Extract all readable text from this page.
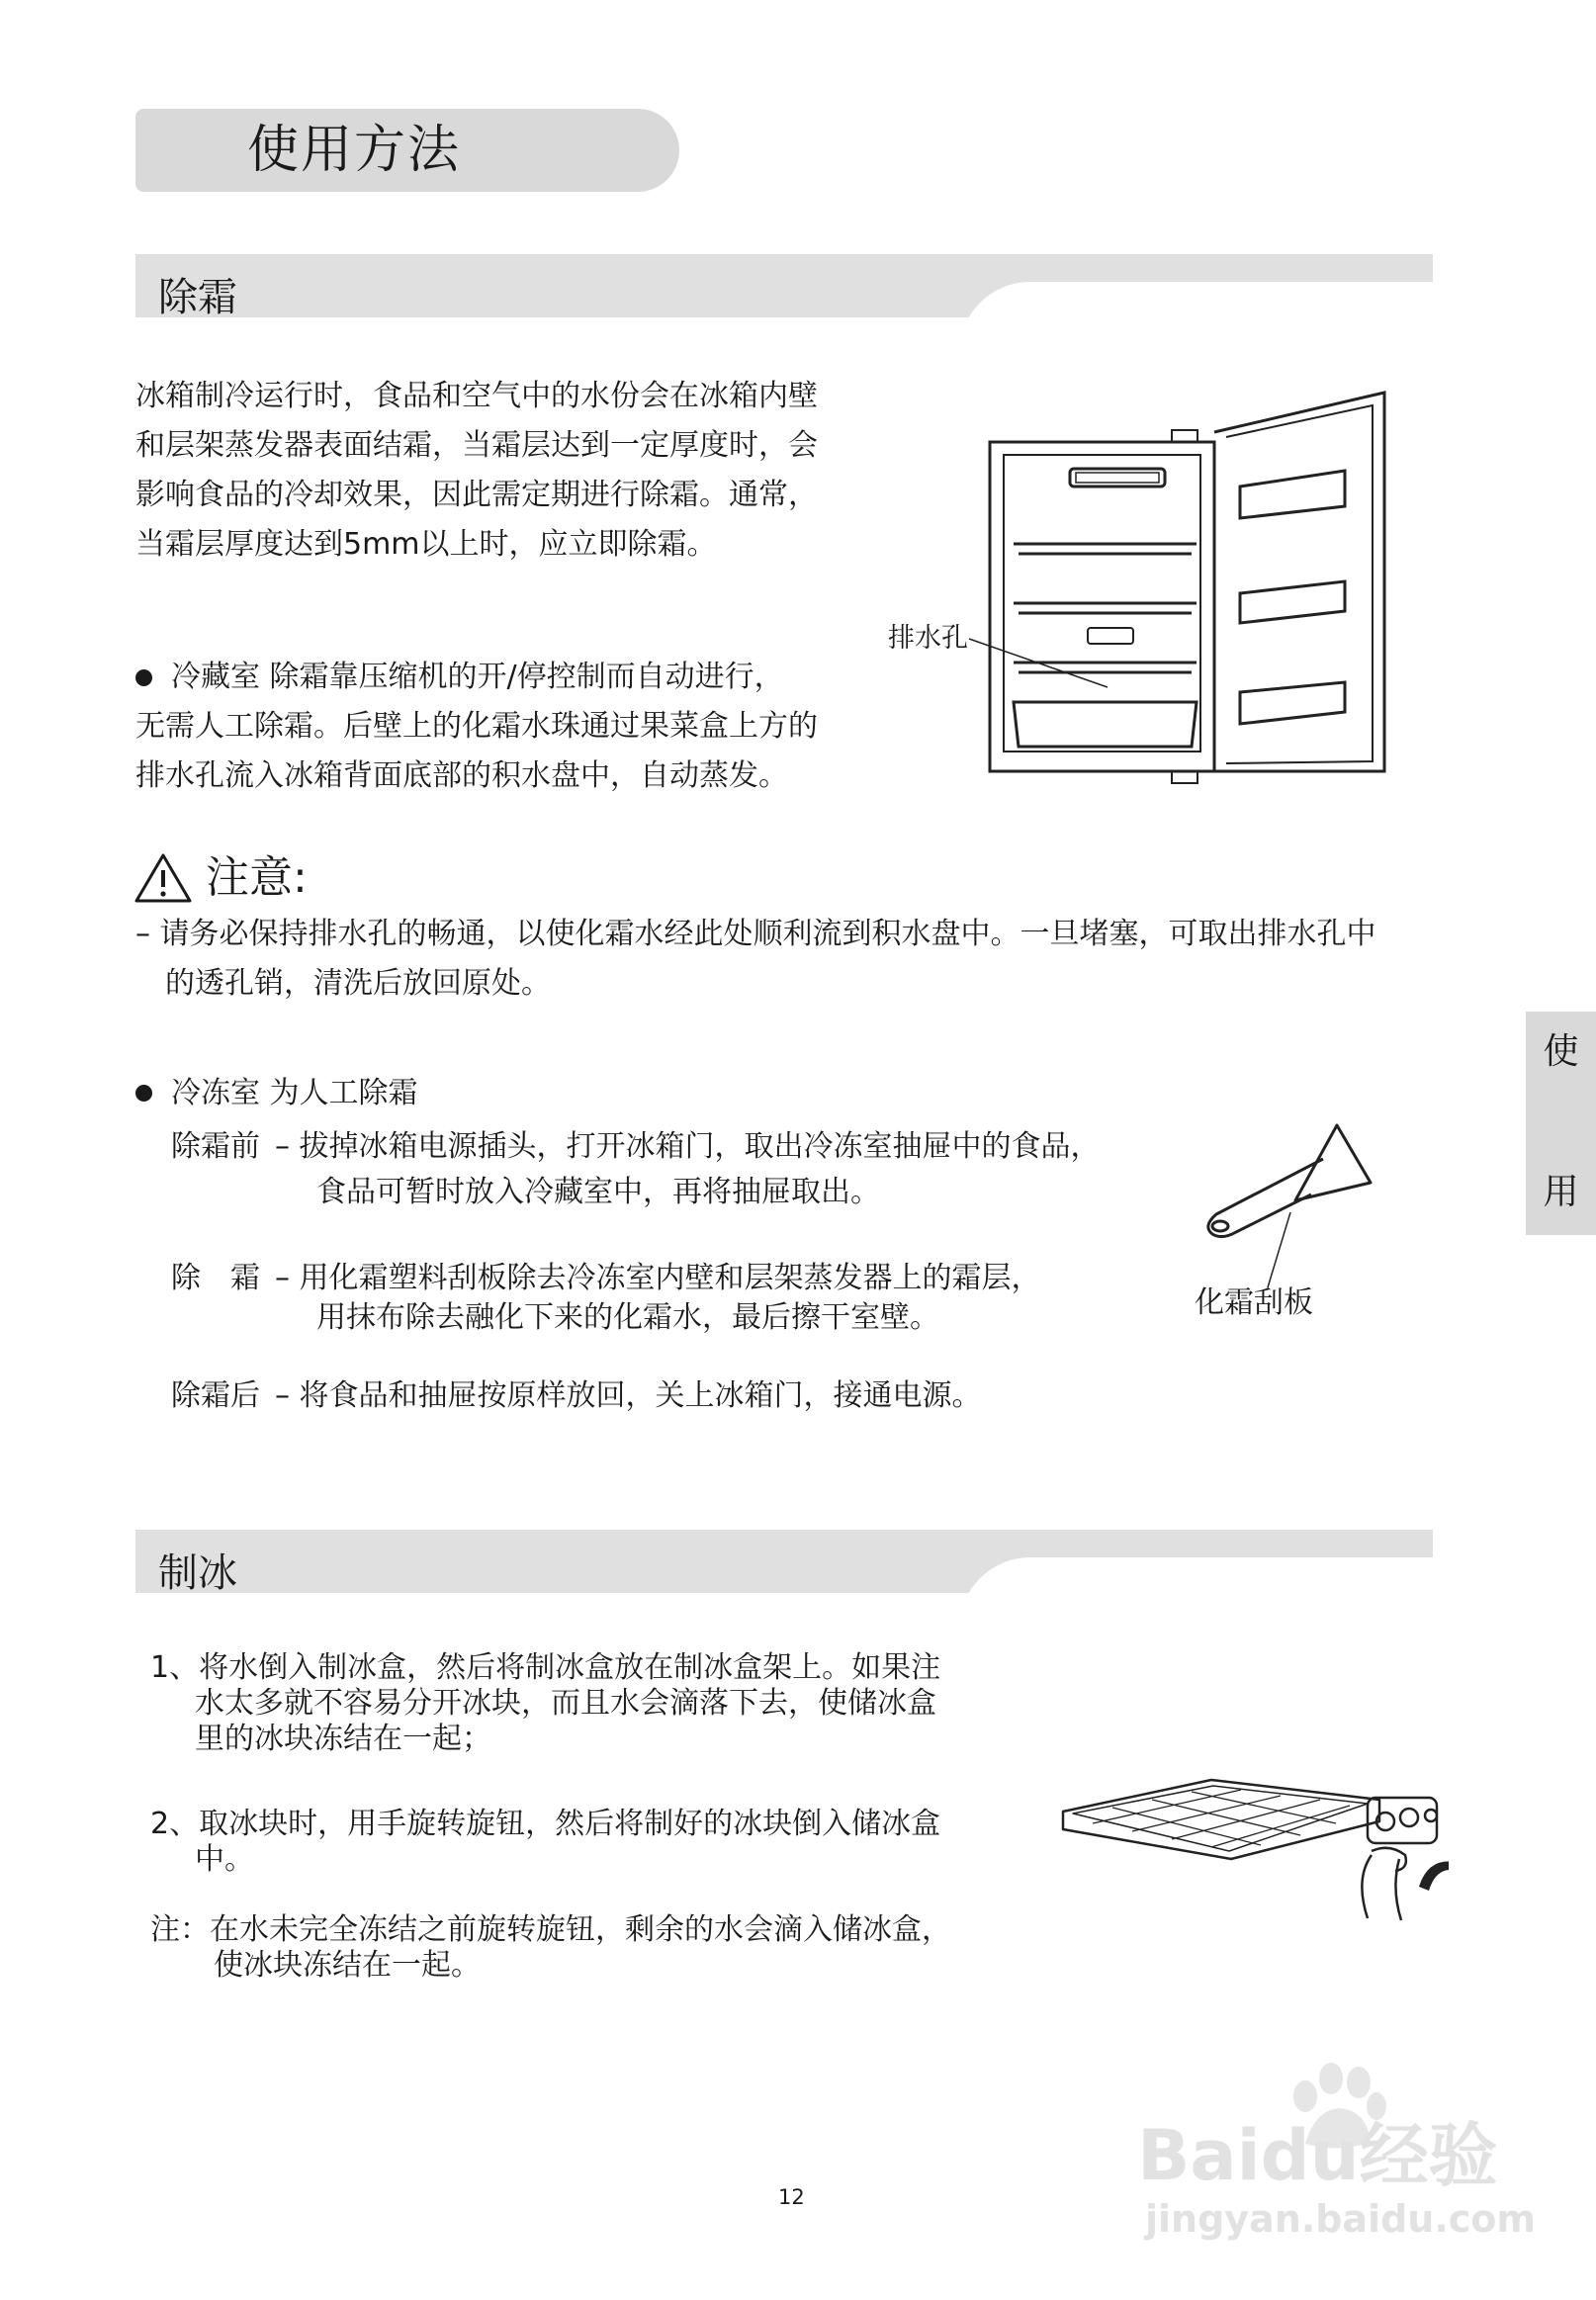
使用方法
除霜
冰箱制冷运行时，食品和空气中的水份会在冰箱内壁
和层架蒸发器表面结霜，当霜层达到一定厚度时，会
影响食品的冷却效果，因此需定期进行除霜。通常，
当霜层厚度达到5mm以上时，应立即除霜。
冷藏室 除霜靠压缩机的开/停控制而自动进行，
无需人工除霜。后壁上的化霜水珠通过果菜盒上方的
排水孔流入冰箱背面底部的积水盘中，自动蒸发。
排水孔
注意:
– 请务必保持排水孔的畅通，以使化霜水经此处顺利流到积水盘中。一旦堵塞，可取出排水孔中
的透孔销，清洗后放回原处。
冷冻室 为人工除霜
除霜前 – 拔掉冰箱电源插头，打开冰箱门，取出冷冻室抽屉中的食品，
食品可暂时放入冷藏室中，再将抽屉取出。
除　霜 – 用化霜塑料刮板除去冷冻室内壁和层架蒸发器上的霜层，
用抹布除去融化下来的化霜水，最后擦干室壁。
除霜后 – 将食品和抽屉按原样放回，关上冰箱门，接通电源。
化霜刮板
使
用
制冰
1、将水倒入制冰盒，然后将制冰盒放在制冰盒架上。如果注
水太多就不容易分开冰块，而且水会滴落下去，使储冰盒
里的冰块冻结在一起；
2、取冰块时，用手旋转旋钮，然后将制好的冰块倒入储冰盒
中。
注：在水未完全冻结之前旋转旋钮，剩余的水会滴入储冰盒，
使冰块冻结在一起。
12
Baidu经验
jingyan.baidu.com
